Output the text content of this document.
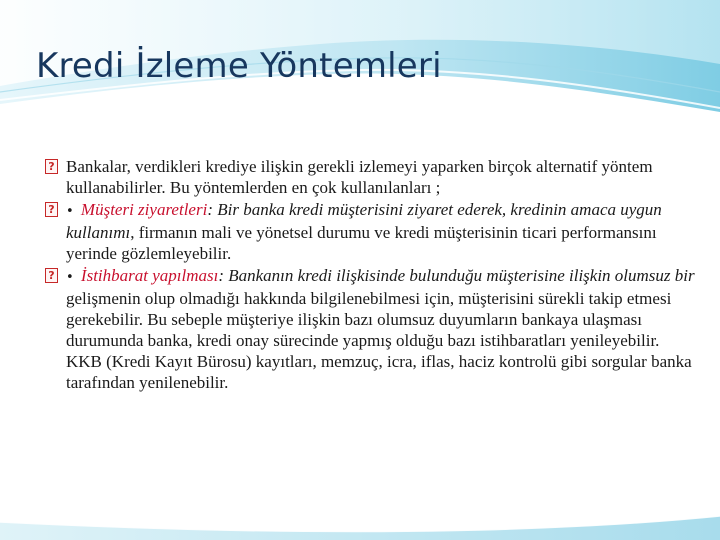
Kredi İzleme Yöntemleri

? Bankalar, verdikleri krediye ilişkin gerekli izlemeyi yaparken birçok alternatif yöntem kullanabilirler. Bu yöntemlerden en çok kullanılanları ;

? • Müşteri ziyaretleri: Bir banka kredi müşterisini ziyaret ederek, kredinin amaca uygun kullanımı, firmanın mali ve yönetsel durumu ve kredi müşterisinin ticari performansını yerinde gözlemleyebilir.

? • İstihbarat yapılması: Bankanın kredi ilişkisinde bulunduğu müşterisine ilişkin olumsuz bir gelişmenin olup olmadığı hakkında bilgilenebilmesi için, müşterisini sürekli takip etmesi gerekebilir. Bu sebeple müşteriye ilişkin bazı olumsuz duyumların bankaya ulaşması durumunda banka, kredi onay sürecinde yapmış olduğu bazı istihbaratları yenileyebilir. KKB (Kredi Kayıt Bürosu) kayıtları, memzuç, icra, iflas, haciz kontrolü gibi sorgular banka tarafından yenilenebilir.
